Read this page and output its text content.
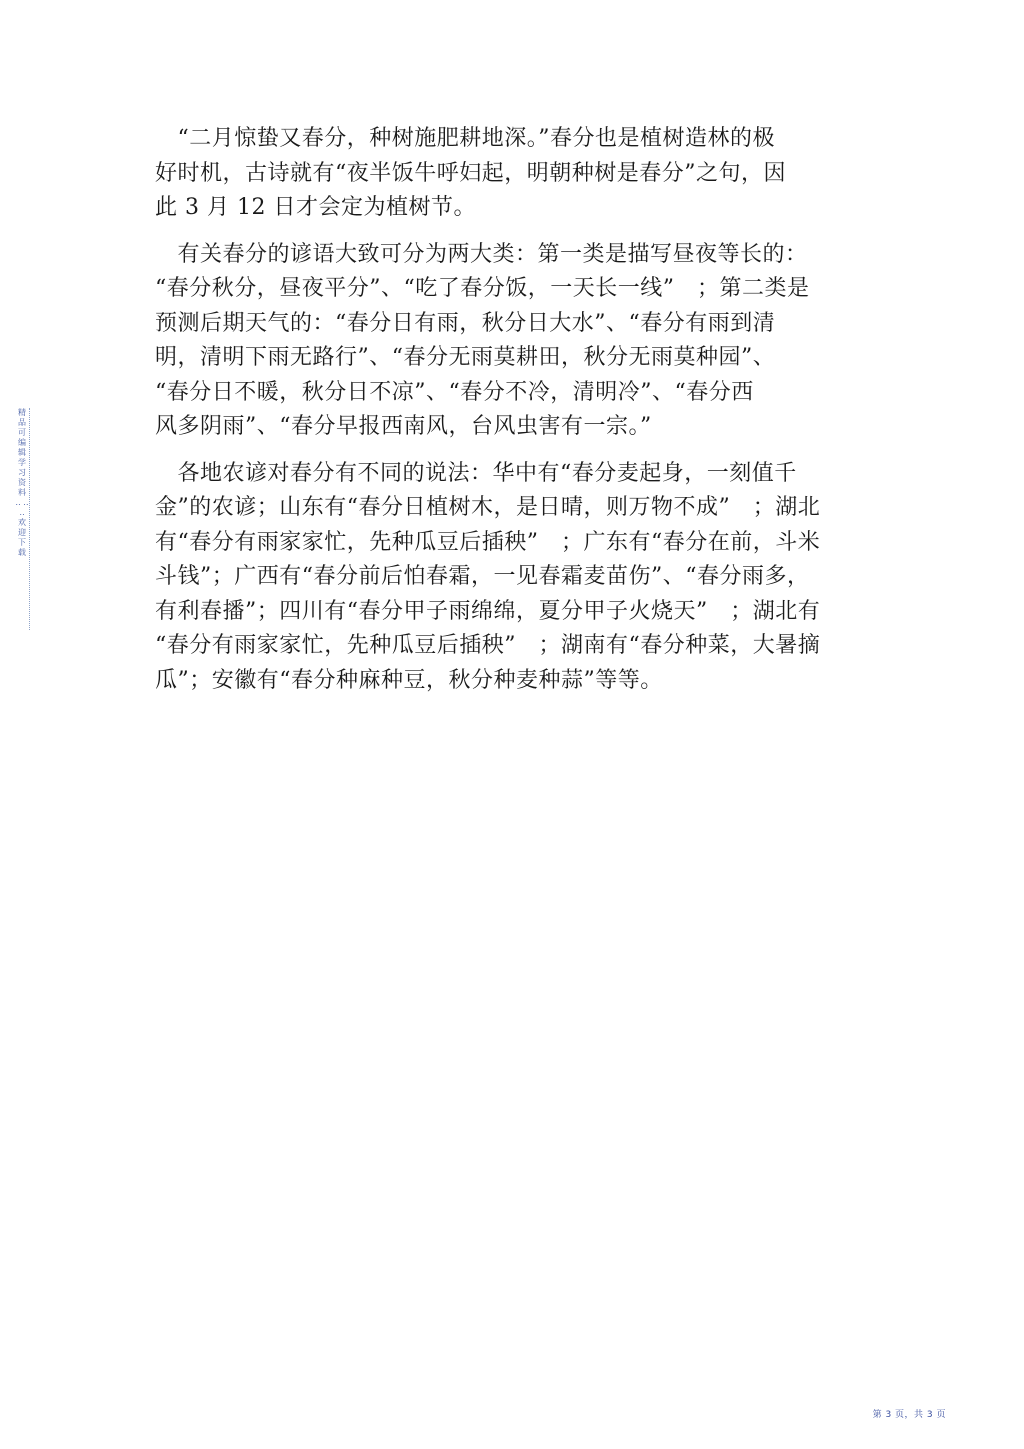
精品可编辑学习资料 ‥ ‥ ‥ 欢迎下载

　“二月惊蛰又春分，种树施肥耕地深。”春分也是植树造林的极
好时机，古诗就有“夜半饭牛呼妇起，明朝种树是春分”之句，因
此 3 月 12 日才会定为植树节。

　有关春分的谚语大致可分为两大类：第一类是描写昼夜等长的：
“春分秋分，昼夜平分”、“吃了春分饭，一天长一线”　；第二类是
预测后期天气的：“春分日有雨，秋分日大水”、“春分有雨到清
明，清明下雨无路行”、“春分无雨莫耕田，秋分无雨莫种园”、
“春分日不暖，秋分日不凉”、“春分不冷，清明冷”、“春分西
风多阴雨”、“春分早报西南风，台风虫害有一宗。”

　各地农谚对春分有不同的说法：华中有“春分麦起身，一刻值千
金”的农谚；山东有“春分日植树木，是日晴，则万物不成”　；湖北
有“春分有雨家家忙，先种瓜豆后插秧”　；广东有“春分在前，斗米
斗钱”；广西有“春分前后怕春霜，一见春霜麦苗伤”、“春分雨多，
有利春播”；四川有“春分甲子雨绵绵，夏分甲子火烧天”　；湖北有
“春分有雨家家忙，先种瓜豆后插秧”　；湖南有“春分种菜，大暑摘
瓜”；安徽有“春分种麻种豆，秋分种麦种蒜”等等。

第 3 页，共 3 页
